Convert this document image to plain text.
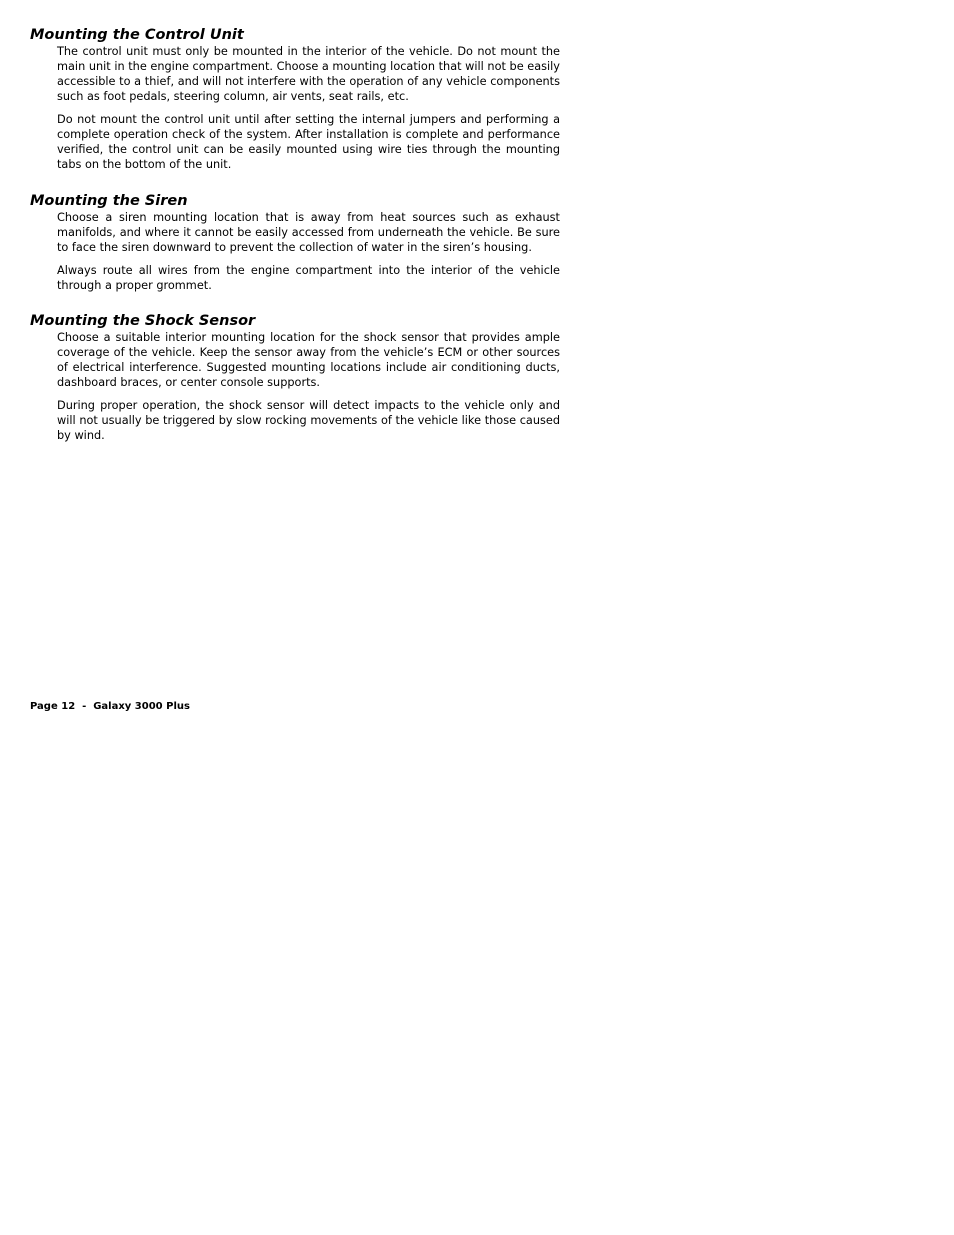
Mounting the Control Unit

The control unit must only be mounted in the interior of the vehicle. Do not mount the main unit in the engine compartment. Choose a mounting location that will not be easily accessible to a thief, and will not interfere with the operation of any vehicle components such as foot pedals, steering column, air vents, seat rails, etc.

Do not mount the control unit until after setting the internal jumpers and performing a complete operation check of the system. After installation is complete and performance verified, the control unit can be easily mounted using wire ties through the mounting tabs on the bottom of the unit.

Mounting the Siren

Choose a siren mounting location that is away from heat sources such as exhaust manifolds, and where it cannot be easily accessed from underneath the vehicle. Be sure to face the siren downward to prevent the collection of water in the siren’s housing.

Always route all wires from the engine compartment into the interior of the vehicle through a proper grommet.

Mounting the Shock Sensor

Choose a suitable interior mounting location for the shock sensor that provides ample coverage of the vehicle. Keep the sensor away from the vehicle’s ECM or other sources of electrical interference. Suggested mounting locations include air conditioning ducts, dashboard braces, or center console supports.

During proper operation, the shock sensor will detect impacts to the vehicle only and will not usually be triggered by slow rocking movements of the vehicle like those caused by wind.

Page 12  -  Galaxy 3000 Plus
